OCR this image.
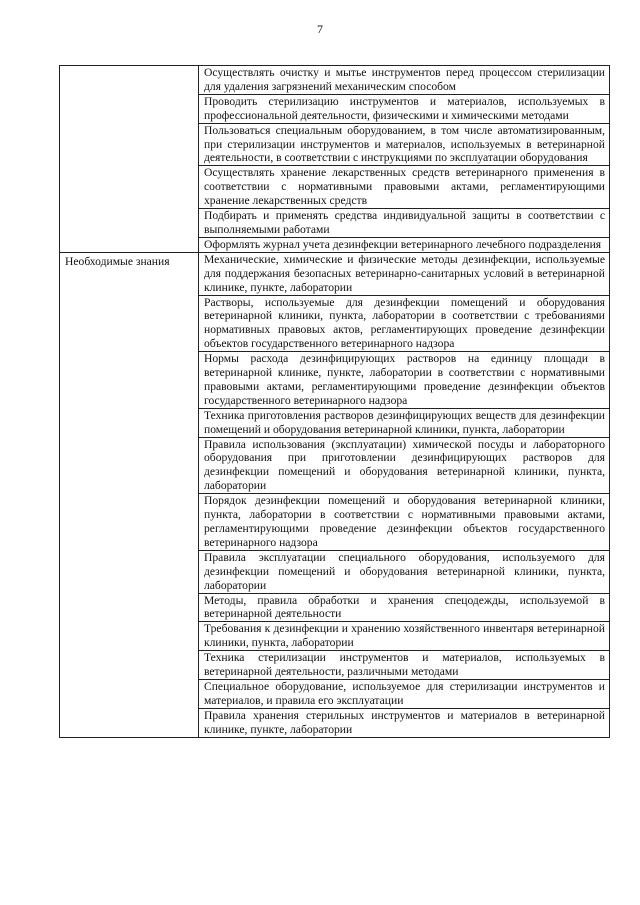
7
	Осуществлять очистку и мытье инструментов перед процессом стерилизации для удаления загрязнений механическим способом
	Проводить стерилизацию инструментов и материалов, используемых в профессиональной деятельности, физическими и химическими методами
	Пользоваться специальным оборудованием, в том числе автоматизированным, при стерилизации инструментов и материалов, используемых в ветеринарной деятельности, в соответствии с инструкциями по эксплуатации оборудования
	Осуществлять хранение лекарственных средств ветеринарного применения в соответствии с нормативными правовыми актами, регламентирующими хранение лекарственных средств
	Подбирать и применять средства индивидуальной защиты в соответствии с выполняемыми работами
	Оформлять журнал учета дезинфекции ветеринарного лечебного подразделения
Необходимые знания	Механические, химические и физические методы дезинфекции, используемые для поддержания безопасных ветеринарно-санитарных условий в ветеринарной клинике, пункте, лаборатории
	Растворы, используемые для дезинфекции помещений и оборудования ветеринарной клиники, пункта, лаборатории в соответствии с требованиями нормативных правовых актов, регламентирующих проведение дезинфекции объектов государственного ветеринарного надзора
	Нормы расхода дезинфицирующих растворов на единицу площади в ветеринарной клинике, пункте, лаборатории в соответствии с нормативными правовыми актами, регламентирующими проведение дезинфекции объектов государственного ветеринарного надзора
	Техника приготовления растворов дезинфицирующих веществ для дезинфекции помещений и оборудования ветеринарной клиники, пункта, лаборатории
	Правила использования (эксплуатации) химической посуды и лабораторного оборудования при приготовлении дезинфицирующих растворов для дезинфекции помещений и оборудования ветеринарной клиники, пункта, лаборатории
	Порядок дезинфекции помещений и оборудования ветеринарной клиники, пункта, лаборатории в соответствии с нормативными правовыми актами, регламентирующими проведение дезинфекции объектов государственного ветеринарного надзора
	Правила эксплуатации специального оборудования, используемого для дезинфекции помещений и оборудования ветеринарной клиники, пункта, лаборатории
	Методы, правила обработки и хранения спецодежды, используемой в ветеринарной деятельности
	Требования к дезинфекции и хранению хозяйственного инвентаря ветеринарной клиники, пункта, лаборатории
	Техника стерилизации инструментов и материалов, используемых в ветеринарной деятельности, различными методами
	Специальное оборудование, используемое для стерилизации инструментов и материалов, и правила его эксплуатации
	Правила хранения стерильных инструментов и материалов в ветеринарной клинике, пункте, лаборатории
